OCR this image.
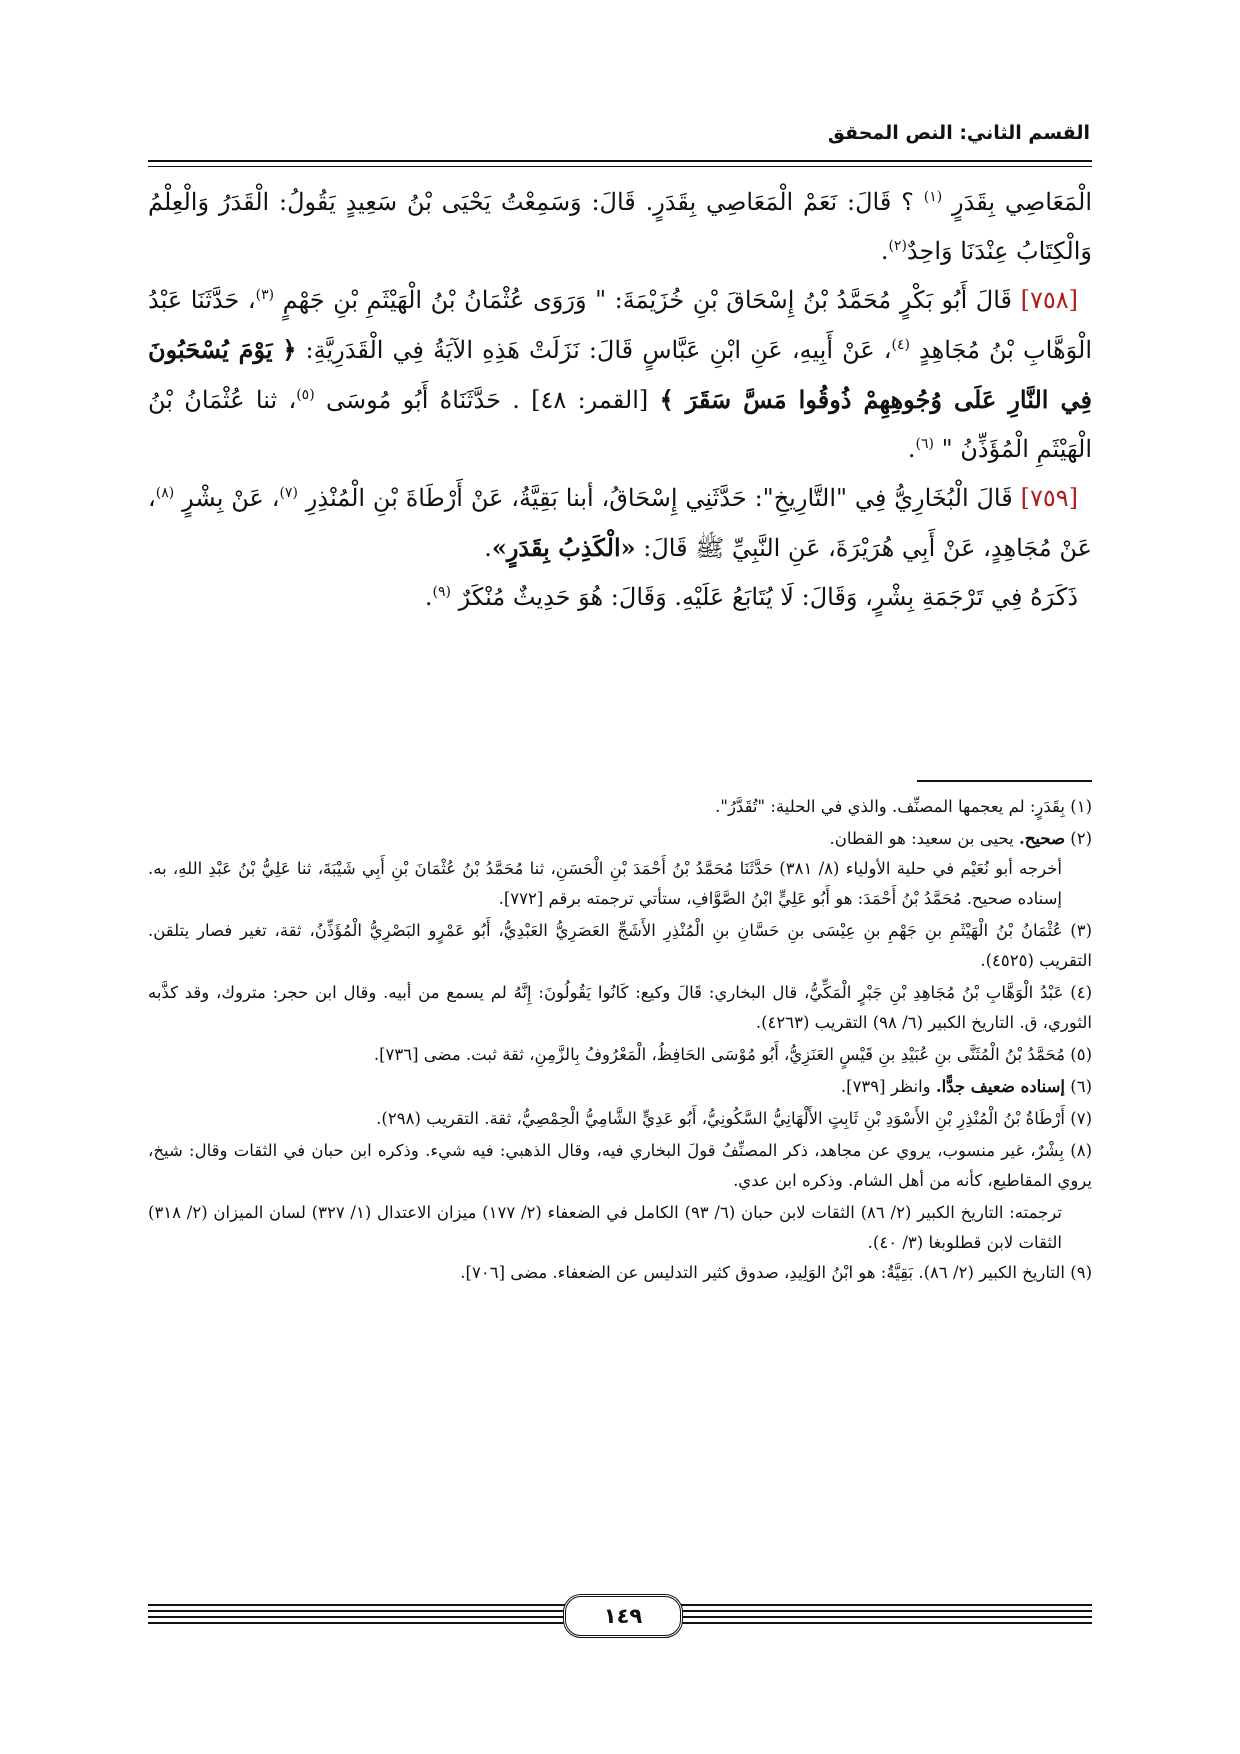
القسم الثاني: النص المحقق

الْمَعَاصِي بِقَدَرٍ $^{(١)}$ ؟ قَالَ: نَعَمْ الْمَعَاصِي بِقَدَرٍ. قَالَ: وَسَمِعْتُ يَحْيَى بْنُ سَعِيدٍ يَقُولُ: الْقَدَرُ وَالْعِلْمُ وَالْكِتَابُ عِنْدَنَا وَاحِدٌ$^{(٢)}$.

[٧٥٨] قَالَ أَبُو بَكْرٍ مُحَمَّدُ بْنُ إِسْحَاقَ بْنِ خُزَيْمَةَ: " وَرَوَى عُثْمَانُ بْنُ الْهَيْثَمِ بْنِ جَهْمٍ $^{(٣)}$، حَدَّثَنَا عَبْدُ الْوَهَّابِ بْنُ مُجَاهِدٍ $^{(٤)}$، عَنْ أَبِيهِ، عَنِ ابْنِ عَبَّاسٍ قَالَ: نَزَلَتْ هَذِهِ الآيَةُ فِي الْقَدَرِيَّةِ: ﴿ يَوْمَ يُسْحَبُونَ فِي النَّارِ عَلَى وُجُوهِهِمْ ذُوقُوا مَسَّ سَقَرَ ﴾ [القمر: ٤٨] . حَدَّثَنَاهُ أَبُو مُوسَى $^{(٥)}$، ثنا عُثْمَانُ بْنُ الْهَيْثَمِ الْمُؤَذِّنُ " $^{(٦)}$.

[٧٥٩] قَالَ الْبُخَارِيُّ فِي "التَّارِيخِ": حَدَّثَنِي إِسْحَاقُ، أبنا بَقِيَّةُ، عَنْ أَرْطَاةَ بْنِ الْمُنْذِرِ $^{(٧)}$، عَنْ بِشْرٍ $^{(٨)}$، عَنْ مُجَاهِدٍ، عَنْ أَبِي هُرَيْرَةَ، عَنِ النَّبِيِّ ﷺ قَالَ: «الْكَذِبُ بِقَدَرٍ».

ذَكَرَهُ فِي تَرْجَمَةِ بِشْرٍ، وَقَالَ: لَا يُتَابَعُ عَلَيْهِ. وَقَالَ: هُوَ حَدِيثٌ مُنْكَرٌ $^{(٩)}$.

(١) بِقَدَرٍ: لم يعجمها المصنِّف. والذي في الحلية: "تُقَدَّرُ".

(٢) صحيح. يحيى بن سعيد: هو القطان.
أخرجه أبو نُعَيْم في حلية الأولياء (٨/ ٣٨١) حَدَّثَنَا مُحَمَّدُ بْنُ أَحْمَدَ بْنِ الْحَسَنِ، ثنا مُحَمَّدُ بْنُ عُثْمَانَ بْنِ أَبِي شَيْبَةَ، ثنا عَلِيُّ بْنُ عَبْدِ اللهِ، به. إسناده صحيح. مُحَمَّدُ بْنُ أَحْمَدَ: هو أَبُو عَلِيٍّ ابْنُ الصَّوَّافِ، ستأتي ترجمته برقم [٧٧٢].

(٣) عُثْمَانُ بْنُ الْهَيْثَمِ بنِ جَهْمِ بنِ عِيْسَى بنِ حَسَّانِ بنِ الْمُنْذِرِ الأَشَجِّ العَصَرِيُّ العَبْدِيُّ، أَبُو عَمْرٍو البَصْرِيُّ الْمُؤَذِّنُ، ثقة، تغير فصار يتلقن. التقريب (٤٥٢٥).

(٤) عَبْدُ الْوَهَّابِ بْنُ مُجَاهِدِ بْنِ جَبْرٍ الْمَكِّيُّ، قال البخاري: قَالَ وكيع: كَانُوا يَقُولُونَ: إِنَّهُ لم يسمع من أبيه. وقال ابن حجر: متروك، وقد كذَّبه الثوري، ق. التاريخ الكبير (٦/ ٩٨) التقريب (٤٢٦٣).

(٥) مُحَمَّدُ بْنُ الْمُثَنَّى بنِ عُبَيْدِ بنِ قَيْسٍ العَنَزِيُّ، أَبُو مُوْسَى الحَافِظُ، الْمَعْرُوفُ بِالزَّمِنِ، ثقة ثبت. مضى [٧٣٦].

(٦) إسناده ضعيف جدًّا. وانظر [٧٣٩].

(٧) أَرْطَاةُ بْنُ الْمُنْذِرِ بْنِ الأَسْوَدِ بْنِ ثَابِتٍ الأَلْهَانِيُّ السَّكُونِيُّ، أَبُو عَدِيٍّ الشَّامِيُّ الْحِمْصِيُّ، ثقة. التقريب (٢٩٨).

(٨) بِشْرٌ، غير منسوب، يروي عن مجاهد، ذكر المصنِّفُ قولَ البخاري فيه، وقال الذهبي: فيه شيء. وذكره ابن حبان في الثقات وقال: شيخ، يروي المقاطيع، كأنه من أهل الشام. وذكره ابن عدي.

ترجمته: التاريخ الكبير (٢/ ٨٦) الثقات لابن حبان (٦/ ٩٣) الكامل في الضعفاء (٢/ ١٧٧) ميزان الاعتدال (١/ ٣٢٧) لسان الميزان (٢/ ٣١٨) الثقات لابن قطلوبغا (٣/ ٤٠).

(٩) التاريخ الكبير (٢/ ٨٦). بَقِيَّةُ: هو ابْنُ الوَلِيدِ، صدوق كثير التدليس عن الضعفاء. مضى [٧٠٦].

١٤٩
